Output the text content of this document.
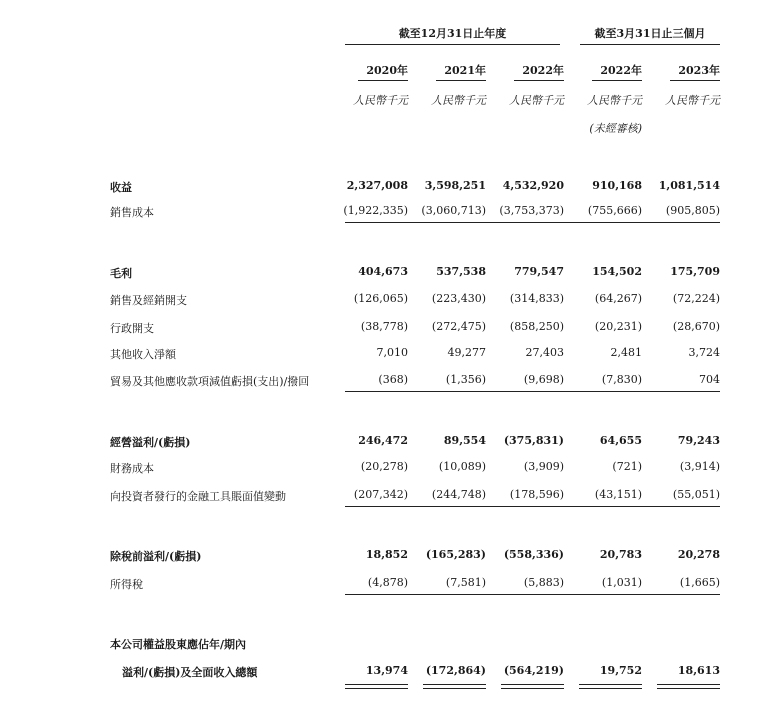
截至12月31日止年度	截至3月31日止三個月
2020年	2021年	2022年	2022年	2023年
人民幣千元	人民幣千元	人民幣千元	人民幣千元	人民幣千元
(未經審核)
收益	2,327,008	3,598,251	4,532,920	910,168	1,081,514
銷售成本	(1,922,335)	(3,060,713)	(3,753,373)	(755,666)	(905,805)
毛利	404,673	537,538	779,547	154,502	175,709
銷售及經銷開支	(126,065)	(223,430)	(314,833)	(64,267)	(72,224)
行政開支	(38,778)	(272,475)	(858,250)	(20,231)	(28,670)
其他收入淨額	7,010	49,277	27,403	2,481	3,724
貿易及其他應收款項減值虧損(支出)/撥回	(368)	(1,356)	(9,698)	(7,830)	704
經營溢利/(虧損)	246,472	89,554	(375,831)	64,655	79,243
財務成本	(20,278)	(10,089)	(3,909)	(721)	(3,914)
向投資者發行的金融工具賬面值變動	(207,342)	(244,748)	(178,596)	(43,151)	(55,051)
除稅前溢利/(虧損)	18,852	(165,283)	(558,336)	20,783	20,278
所得稅	(4,878)	(7,581)	(5,883)	(1,031)	(1,665)
本公司權益股東應佔年/期內
溢利/(虧損)及全面收入總額	13,974	(172,864)	(564,219)	19,752	18,613
